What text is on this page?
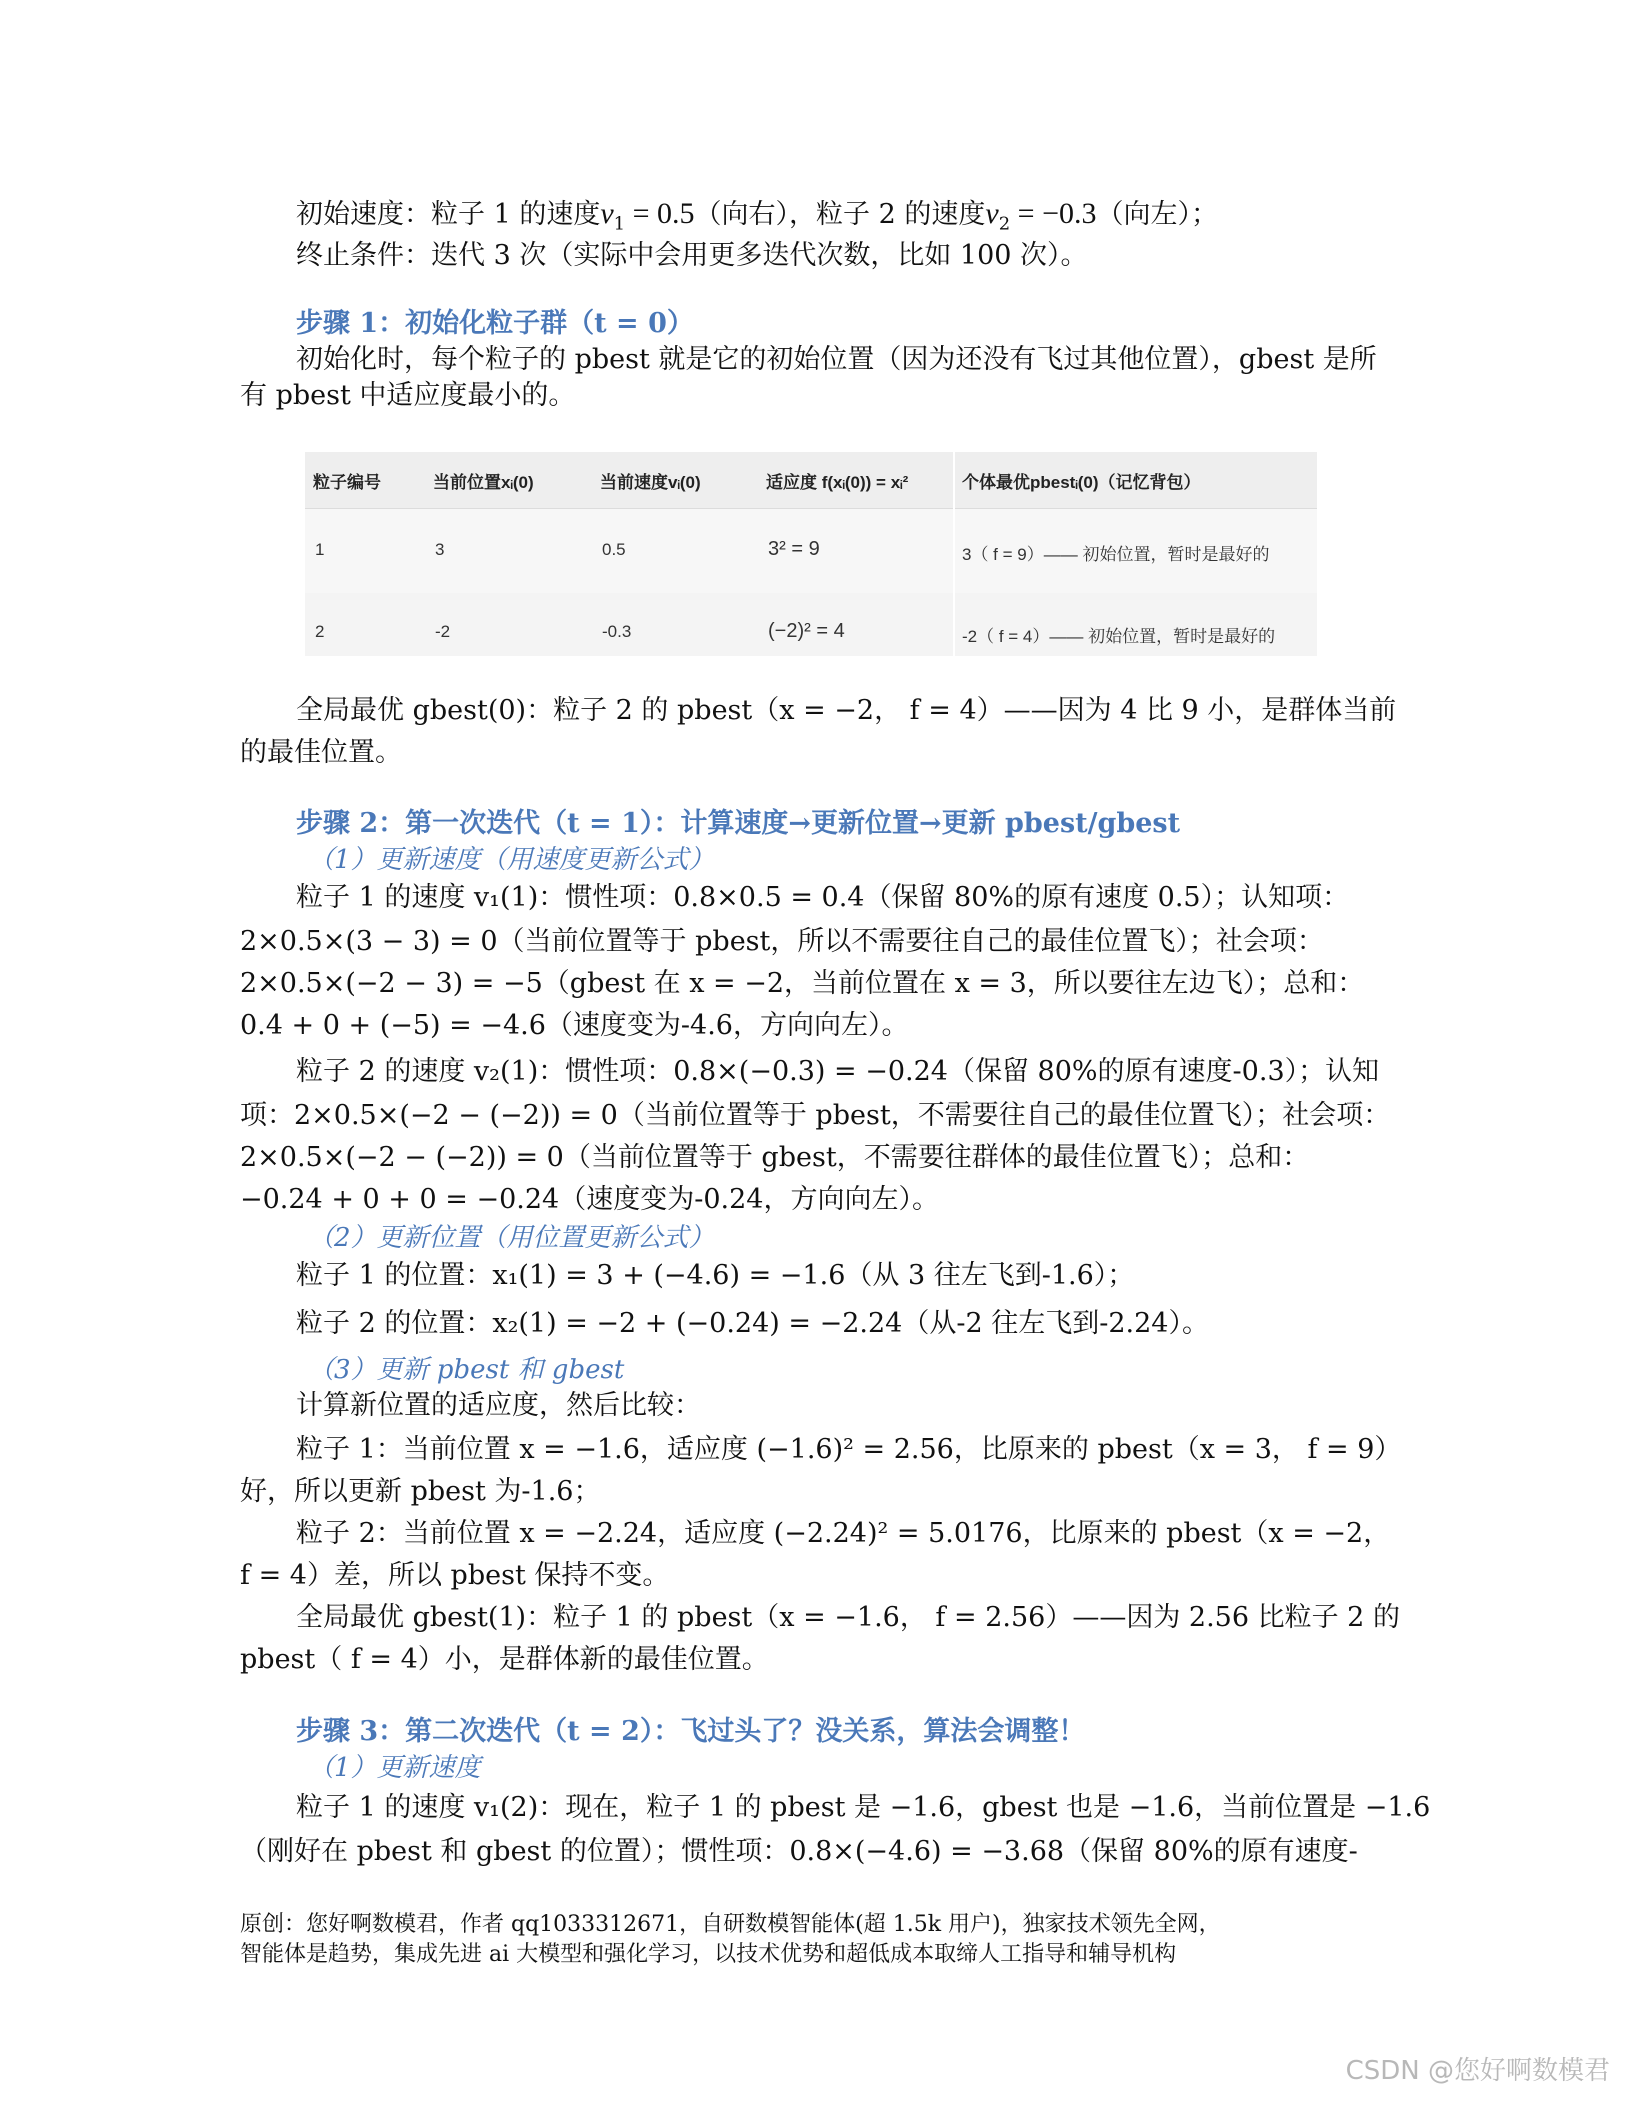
初始速度：粒子 1 的速度$v_1 = 0.5$（向右），粒子 2 的速度$v_2 = -0.3$（向左）；
终止条件：迭代 3 次（实际中会用更多迭代次数，比如 100 次）。
步骤 1：初始化粒子群（t = 0）
初始化时，每个粒子的 pbest 就是它的初始位置（因为还没有飞过其他位置），gbest 是所
有 pbest 中适应度最小的。
粒子编号	当前位置xᵢ(0)	当前速度vᵢ(0)	适应度 f(xᵢ(0)) = xᵢ²	个体最优pbestᵢ(0)（记忆背包）
1	3	0.5	3² = 9	3（ f = 9）—— 初始位置，暂时是最好的
2	-2	-0.3	(−2)² = 4	-2（ f = 4）—— 初始位置，暂时是最好的
全局最优 gbest(0)：粒子 2 的 pbest（x = −2， f = 4）——因为 4 比 9 小，是群体当前
的最佳位置。
步骤 2：第一次迭代（t = 1）：计算速度→更新位置→更新 pbest/gbest
（1）更新速度（用速度更新公式）
粒子 1 的速度 v₁(1)：惯性项：0.8×0.5 = 0.4（保留 80%的原有速度 0.5）；认知项：
2×0.5×(3 − 3) = 0（当前位置等于 pbest，所以不需要往自己的最佳位置飞）；社会项：
2×0.5×(−2 − 3) = −5（gbest 在 x = −2，当前位置在 x = 3，所以要往左边飞）；总和：
0.4 + 0 + (−5) = −4.6（速度变为-4.6，方向向左）。
粒子 2 的速度 v₂(1)：惯性项：0.8×(−0.3) = −0.24（保留 80%的原有速度-0.3）；认知
项：2×0.5×(−2 − (−2)) = 0（当前位置等于 pbest，不需要往自己的最佳位置飞）；社会项：
2×0.5×(−2 − (−2)) = 0（当前位置等于 gbest，不需要往群体的最佳位置飞）；总和：
−0.24 + 0 + 0 = −0.24（速度变为-0.24，方向向左）。
（2）更新位置（用位置更新公式）
粒子 1 的位置：x₁(1) = 3 + (−4.6) = −1.6（从 3 往左飞到-1.6）；
粒子 2 的位置：x₂(1) = −2 + (−0.24) = −2.24（从-2 往左飞到-2.24）。
（3）更新 pbest 和 gbest
计算新位置的适应度，然后比较：
粒子 1：当前位置 x = −1.6，适应度 (−1.6)² = 2.56，比原来的 pbest（x = 3， f = 9）
好，所以更新 pbest 为-1.6；
粒子 2：当前位置 x = −2.24，适应度 (−2.24)² = 5.0176，比原来的 pbest（x = −2，
f = 4）差，所以 pbest 保持不变。
全局最优 gbest(1)：粒子 1 的 pbest（x = −1.6， f = 2.56）——因为 2.56 比粒子 2 的
pbest（ f = 4）小，是群体新的最佳位置。
步骤 3：第二次迭代（t = 2）：飞过头了？没关系，算法会调整！
（1）更新速度
粒子 1 的速度 v₁(2)：现在，粒子 1 的 pbest 是 −1.6，gbest 也是 −1.6，当前位置是 −1.6
（刚好在 pbest 和 gbest 的位置）；惯性项：0.8×(−4.6) = −3.68（保留 80%的原有速度-
原创：您好啊数模君，作者 qq1033312671，自研数模智能体(超 1.5k 用户)，独家技术领先全网，
智能体是趋势，集成先进 ai 大模型和强化学习，以技术优势和超低成本取缔人工指导和辅导机构
CSDN @您好啊数模君
